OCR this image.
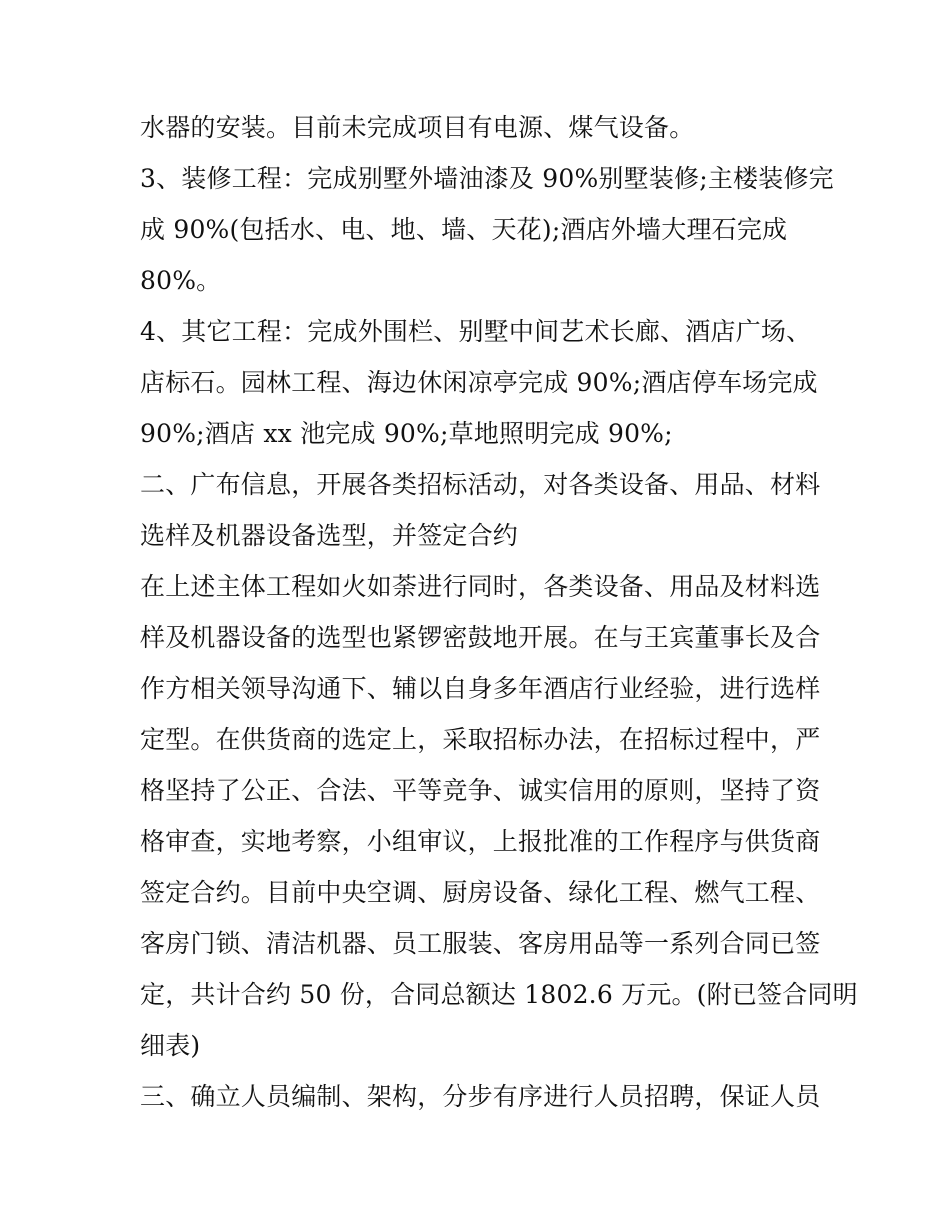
水器的安装。目前未完成项目有电源、煤气设备。
3、装修工程：完成别墅外墙油漆及 90%别墅装修;主楼装修完
成 90%(包括水、电、地、墙、天花);酒店外墙大理石完成
80%。
4、其它工程：完成外围栏、别墅中间艺术长廊、酒店广场、
店标石。园林工程、海边休闲凉亭完成 90%;酒店停车场完成
90%;酒店 xx 池完成 90%;草地照明完成 90%;
二、广布信息，开展各类招标活动，对各类设备、用品、材料
选样及机器设备选型，并签定合约
在上述主体工程如火如荼进行同时，各类设备、用品及材料选
样及机器设备的选型也紧锣密鼓地开展。在与王宾董事长及合
作方相关领导沟通下、辅以自身多年酒店行业经验，进行选样
定型。在供货商的选定上，采取招标办法，在招标过程中，严
格坚持了公正、合法、平等竞争、诚实信用的原则，坚持了资
格审查，实地考察，小组审议，上报批准的工作程序与供货商
签定合约。目前中央空调、厨房设备、绿化工程、燃气工程、
客房门锁、清洁机器、员工服装、客房用品等一系列合同已签
定，共计合约 50 份，合同总额达 1802.6 万元。(附已签合同明
细表)
三、确立人员编制、架构，分步有序进行人员招聘，保证人员
